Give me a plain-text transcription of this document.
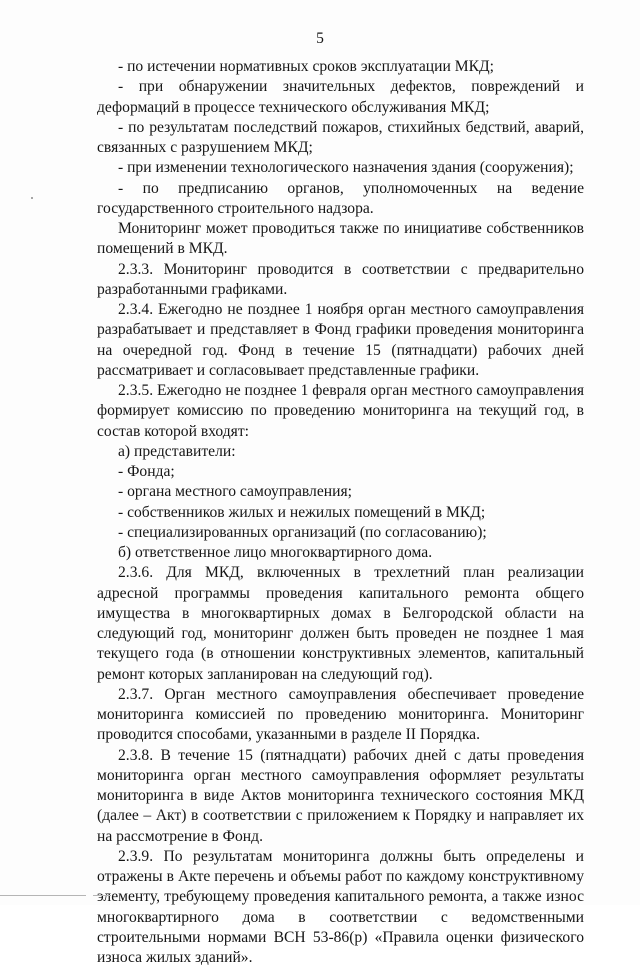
5

- по истечении нормативных сроков эксплуатации МКД;

- при обнаружении значительных дефектов, повреждений и деформаций в процессе технического обслуживания МКД;

- по результатам последствий пожаров, стихийных бедствий, аварий, связанных с разрушением МКД;

- при изменении технологического назначения здания (сооружения);

- по предписанию органов, уполномоченных на ведение государственного строительного надзора.

Мониторинг может проводиться также по инициативе собственников помещений в МКД.

2.3.3. Мониторинг проводится в соответствии с предварительно разработанными графиками.

2.3.4. Ежегодно не позднее 1 ноября орган местного самоуправления разрабатывает и представляет в Фонд графики проведения мониторинга на очередной год. Фонд в течение 15 (пятнадцати) рабочих дней рассматривает и согласовывает представленные графики.

2.3.5. Ежегодно не позднее 1 февраля орган местного самоуправления формирует комиссию по проведению мониторинга на текущий год, в состав которой входят:

а) представители:

- Фонда;

- органа местного самоуправления;

- собственников жилых и нежилых помещений в МКД;

- специализированных организаций (по согласованию);

б) ответственное лицо многоквартирного дома.

2.3.6. Для МКД, включенных в трехлетний план реализации адресной программы проведения капитального ремонта общего имущества в многоквартирных домах в Белгородской области на следующий год, мониторинг должен быть проведен не позднее 1 мая текущего года (в отношении конструктивных элементов, капитальный ремонт которых запланирован на следующий год).

2.3.7. Орган местного самоуправления обеспечивает проведение мониторинга комиссией по проведению мониторинга. Мониторинг проводится способами, указанными в разделе II Порядка.

2.3.8. В течение 15 (пятнадцати) рабочих дней с даты проведения мониторинга орган местного самоуправления оформляет результаты мониторинга в виде Актов мониторинга технического состояния МКД (далее – Акт) в соответствии с приложением к Порядку и направляет их на рассмотрение в Фонд.

2.3.9. По результатам мониторинга должны быть определены и отражены в Акте перечень и объемы работ по каждому конструктивному элементу, требующему проведения капитального ремонта, а также износ многоквартирного дома в соответствии с ведомственными строительными нормами ВСН 53-86(р) «Правила оценки физического износа жилых зданий».
